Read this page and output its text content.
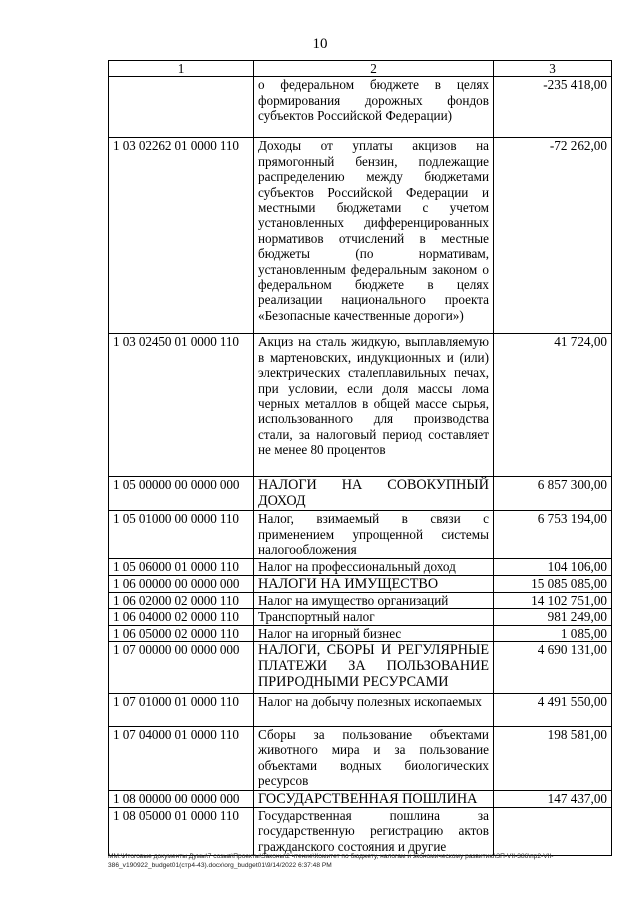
10
1	2	3
	о федеральном бюджете в целях формирования дорожных фондов субъектов Российской Федерации)	-235 418,00
1 03 02262 01 0000 110	Доходы от уплаты акцизов на прямогонный бензин, подлежащие распределению между бюджетами субъектов Российской Федерации и местными бюджетами с учетом установленных дифференцированных нормативов отчислений в местные бюджеты (по нормативам, установленным федеральным законом о федеральном бюджете в целях реализации национального проекта «Безопасные качественные дороги»)	-72 262,00
1 03 02450 01 0000 110	Акциз на сталь жидкую, выплавляемую в мартеновских, индукционных и (или) электрических сталеплавильных печах, при условии, если доля массы лома черных металлов в общей массе сырья, использованного для производства стали, за налоговый период составляет не менее 80 процентов	41 724,00
1 05 00000 00 0000 000	НАЛОГИ НА СОВОКУПНЫЙ ДОХОД	6 857 300,00
1 05 01000 00 0000 110	Налог, взимаемый в связи с применением упрощенной системы налогообложения	6 753 194,00
1 05 06000 01 0000 110	Налог на профессиональный доход	104 106,00
1 06 00000 00 0000 000	НАЛОГИ НА ИМУЩЕСТВО	15 085 085,00
1 06 02000 02 0000 110	Налог на имущество организаций	14 102 751,00
1 06 04000 02 0000 110	Транспортный налог	981 249,00
1 06 05000 02 0000 110	Налог на игорный бизнес	1 085,00
1 07 00000 00 0000 000	НАЛОГИ, СБОРЫ И РЕГУЛЯРНЫЕ ПЛАТЕЖИ ЗА ПОЛЬЗОВАНИЕ ПРИРОДНЫМИ РЕСУРСАМИ	4 690 131,00
1 07 01000 01 0000 110	Налог на добычу полезных ископаемых	4 491 550,00
1 07 04000 01 0000 110	Сборы за пользование объектами животного мира и за пользование объектами водных биологических ресурсов	198 581,00
1 08 00000 00 0000 000	ГОСУДАРСТВЕННАЯ ПОШЛИНА	147 437,00
1 08 05000 01 0000 110	Государственная пошлина за государственную регистрацию актов гражданского состояния и другие	
ММ:\Итоговые документы Думы\7 созыв\Проекты\Законы\2 чтение\Комитет по бюджету, налогам и экономическому развитию\ЗП-VII-386\пр2-VII-386_v190922_budget01(стр4-43).docx\org_budget01\9/14/2022 6:37:48 PM
